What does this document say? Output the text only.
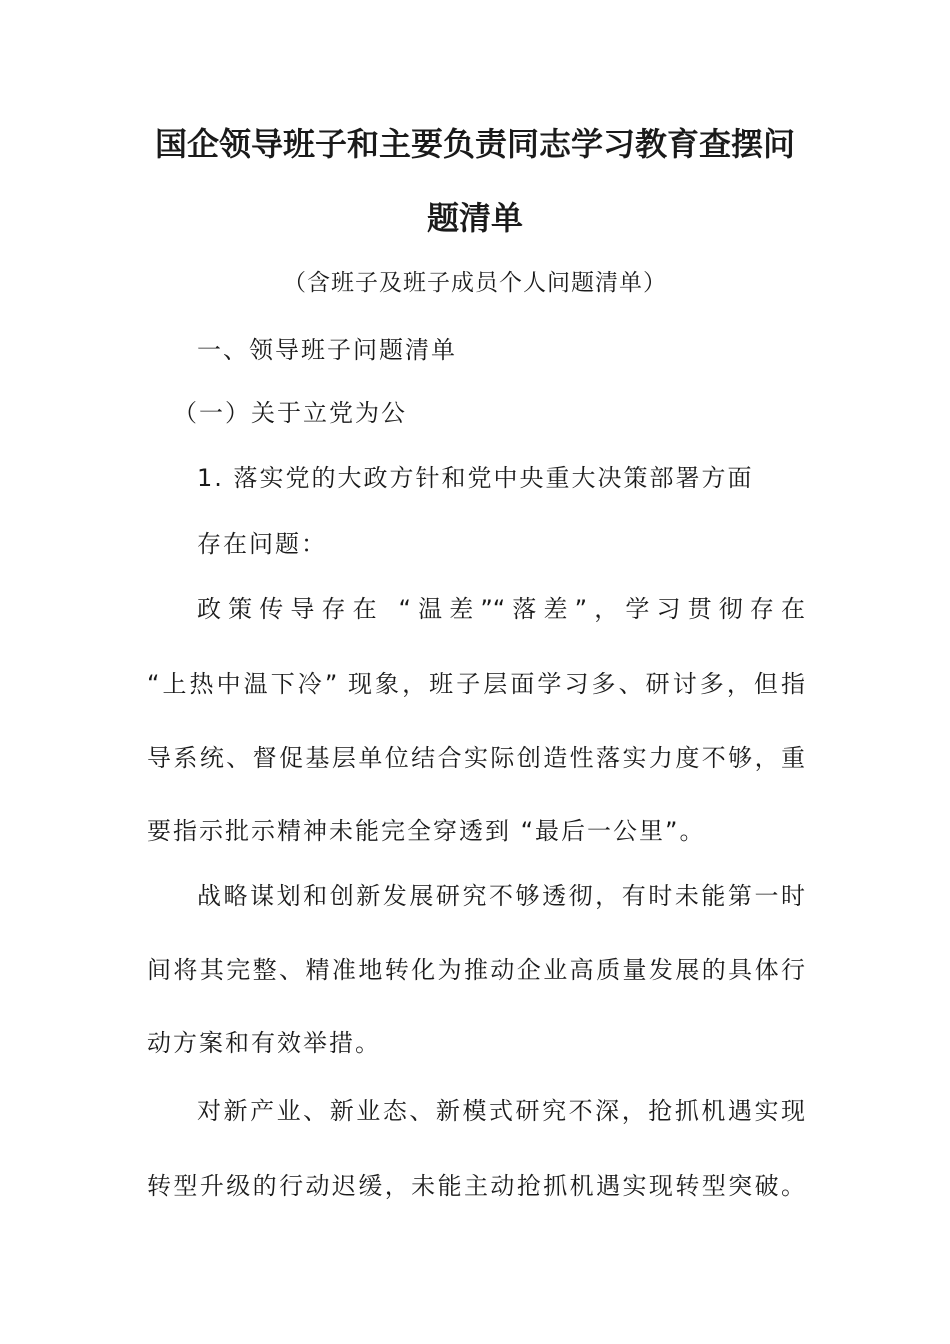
国企领导班子和主要负责同志学习教育查摆问
题清单
（含班子及班子成员个人问题清单）
一、领导班子问题清单
（一）关于立党为公
1. 落实党的大政方针和党中央重大决策部署方面
存在问题：
政策传导存在 “温差”“落差”，学习贯彻存在
“上热中温下冷” 现象，班子层面学习多、研讨多，但指
导系统、督促基层单位结合实际创造性落实力度不够，重
要指示批示精神未能完全穿透到 “最后一公里”。
战略谋划和创新发展研究不够透彻，有时未能第一时
间将其完整、精准地转化为推动企业高质量发展的具体行
动方案和有效举措。
对新产业、新业态、新模式研究不深，抢抓机遇实现
转型升级的行动迟缓，未能主动抢抓机遇实现转型突破。
